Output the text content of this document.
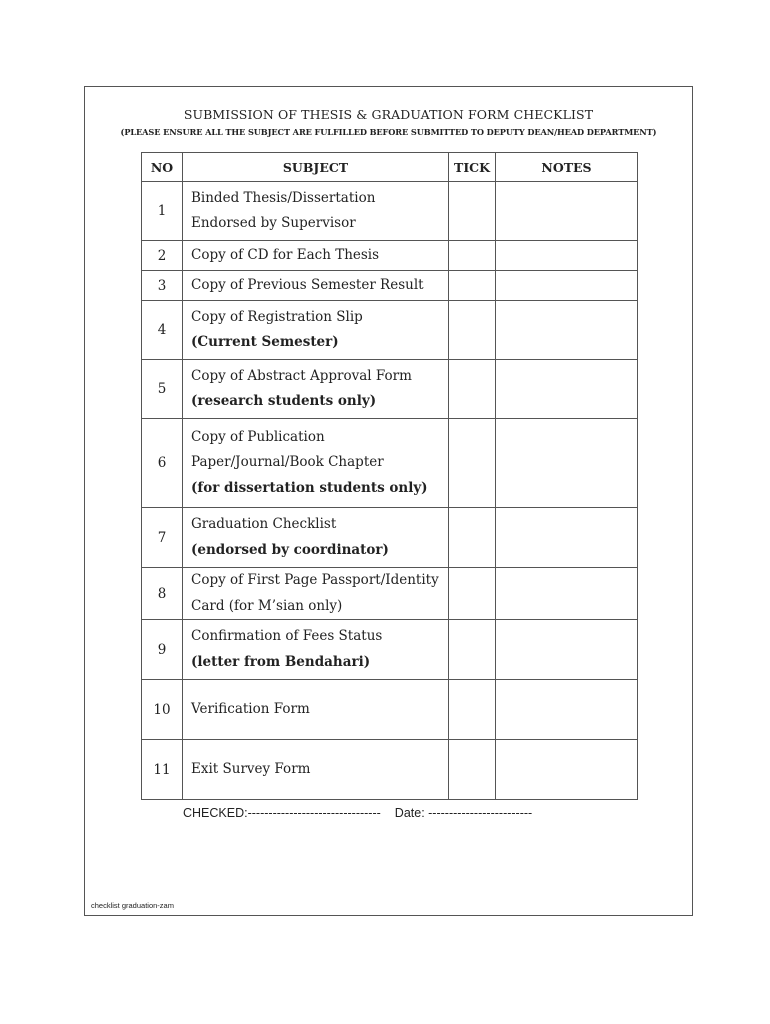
SUBMISSION OF THESIS & GRADUATION FORM CHECKLIST
(PLEASE ENSURE ALL THE SUBJECT ARE FULFILLED BEFORE SUBMITTED TO DEPUTY DEAN/HEAD DEPARTMENT)
NO	SUBJECT	TICK	NOTES
1	Binded Thesis/Dissertation Endorsed by Supervisor		

2	Copy of CD for Each Thesis		

3	Copy of Previous Semester Result		

4	Copy of Registration Slip
(Current Semester)		

5	Copy of Abstract Approval Form
(research students only)		

6	Copy of Publication Paper/Journal/Book Chapter
(for dissertation students only)		

7	Graduation Checklist
(endorsed by coordinator)		

8	Copy of First Page Passport/Identity Card (for M’sian only)		

9	Confirmation of Fees Status
(letter from Bendahari)		

10	Verification Form		

11	Exit Survey Form		

CHECKED:-------------------------------- Date: -------------------------
checklist graduation-zam
